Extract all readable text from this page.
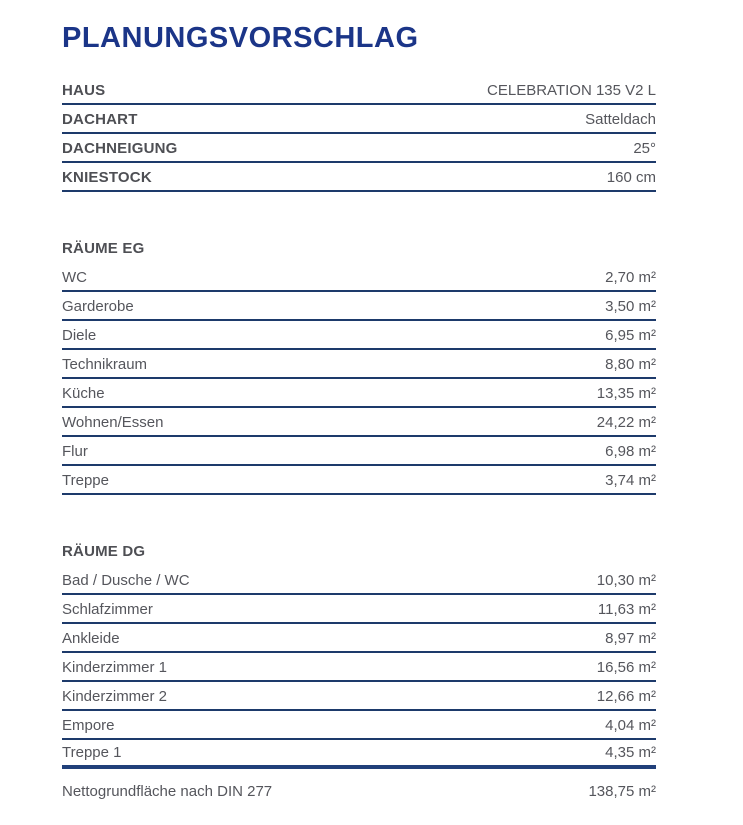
PLANUNGSVORSCHLAG
HAUS	CELEBRATION 135 V2 L
DACHART	Satteldach
DACHNEIGUNG	25°
KNIESTOCK	160 cm
RÄUME EG
WC	2,70 m²
Garderobe	3,50 m²
Diele	6,95 m²
Technikraum	8,80 m²
Küche	13,35 m²
Wohnen/Essen	24,22 m²
Flur	6,98 m²
Treppe	3,74 m²
RÄUME DG
Bad / Dusche / WC	10,30 m²
Schlafzimmer	11,63 m²
Ankleide	8,97 m²
Kinderzimmer 1	16,56 m²
Kinderzimmer 2	12,66 m²
Empore	4,04 m²
Treppe 1	4,35 m²
Nettogrundfläche nach DIN 277	138,75 m²
